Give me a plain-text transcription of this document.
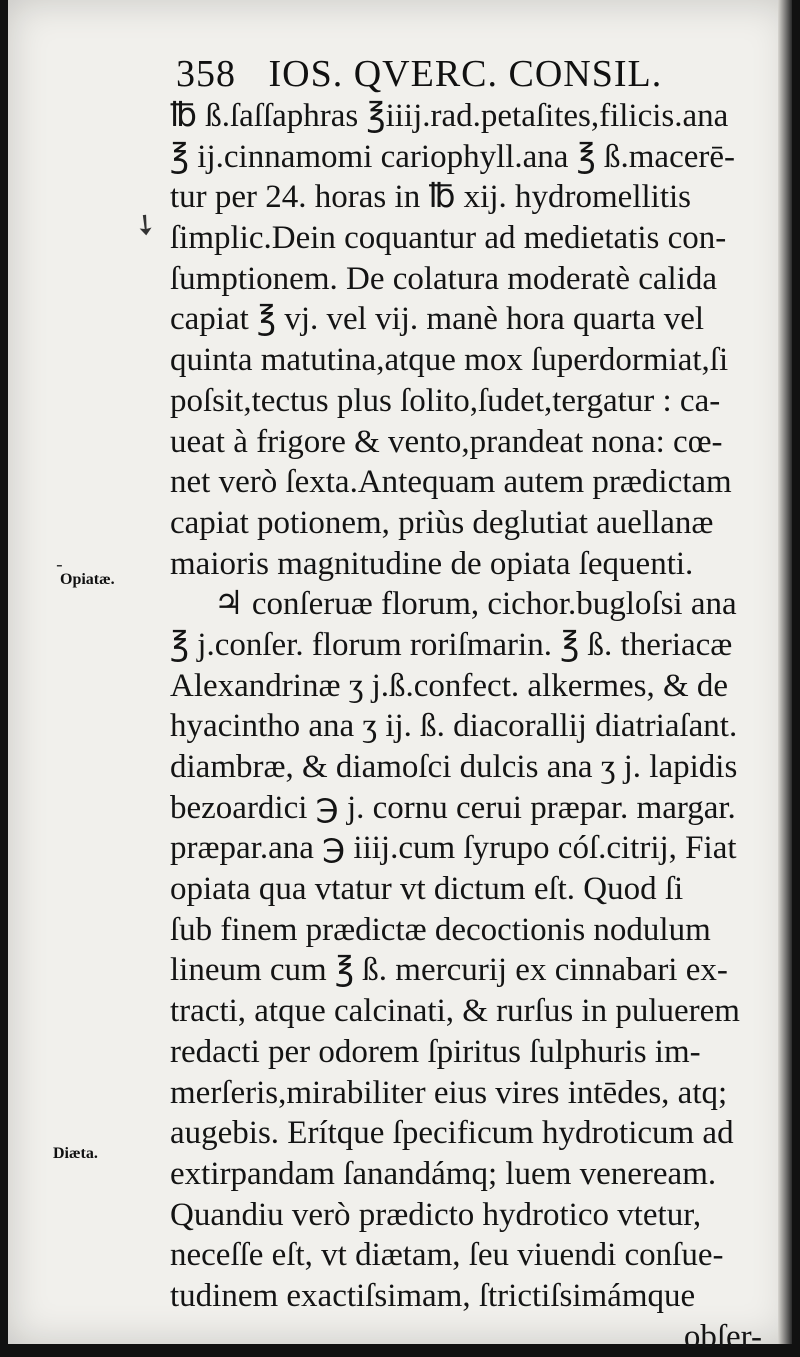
358 IOS. QVERC. CONSIL.
➘
-
Opiatæ.
Diæta.
℔ ß.ſaſſaphras ℥iiij.rad.petaſites,filicis.ana
℥ ij.cinnamomi cariophyll.ana ℥ ß.macerē-
tur per 24. horas in ℔ xij. hydromellitis
ſimplic.Dein coquantur ad medietatis con-
ſumptionem. De colatura moderatè calida
capiat ℥ vj. vel vij. manè hora quarta vel
quinta matutina,atque mox ſuperdormiat,ſi
poſsit,tectus plus ſolito,ſudet,tergatur : ca-
ueat à frigore & vento,prandeat nona: cœ-
net verò ſexta.Antequam autem prædictam
capiat potionem, priùs deglutiat auellanæ
maioris magnitudine de opiata ſequenti.
♃ conſeruæ florum, cichor.bugloſsi ana
℥ j.conſer. florum roriſmarin. ℥ ß. theriacæ
Alexandrinæ ʒ j.ß.confect. alkermes, & de
hyacintho ana ʒ ij. ß. diacorallij diatriaſant.
diambræ, & diamoſci dulcis ana ʒ j. lapidis
bezoardici ℈ j. cornu cerui præpar. margar.
præpar.ana ℈ iiij.cum ſyrupo cóſ.citrij, Fiat
opiata qua vtatur vt dictum eſt. Quod ſi
ſub finem prædictæ decoctionis nodulum
lineum cum ℥ ß. mercurij ex cinnabari ex-
tracti, atque calcinati, & rurſus in puluerem
redacti per odorem ſpiritus ſulphuris im-
merſeris,mirabiliter eius vires intēdes, atq;
augebis. Erítque ſpecificum hydroticum ad
extirpandam ſanandámq; luem veneream.
Quandiu verò prædicto hydrotico vtetur,
neceſſe eſt, vt diætam, ſeu viuendi conſue-
tudinem exactiſsimam, ſtrictiſsimámque
obſer-
